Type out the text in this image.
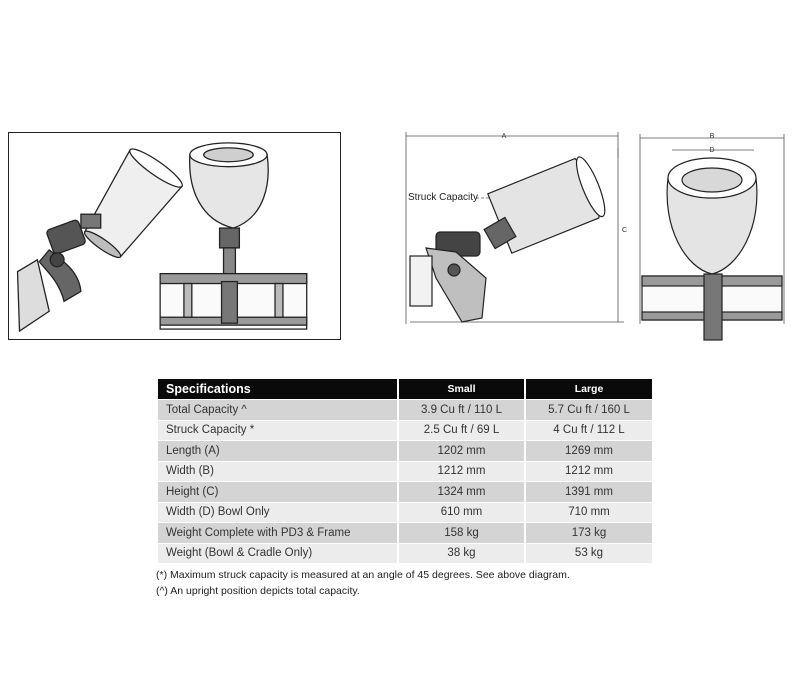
A
C
Struck Capacity
B
D
Specifications	Small	Large
Total Capacity ^	3.9 Cu ft / 110 L	5.7 Cu ft / 160 L
Struck Capacity *	2.5 Cu ft / 69 L	4 Cu ft / 112 L
Length (A)	1202 mm	1269 mm
Width (B)	1212 mm	1212 mm
Height (C)	1324 mm	1391 mm
Width (D) Bowl Only	610 mm	710 mm
Weight Complete with PD3 & Frame	158 kg	173 kg
Weight (Bowl & Cradle Only)	38 kg	53 kg
(*) Maximum struck capacity is measured at an angle of 45 degrees. See above diagram.
(^) An upright position depicts total capacity.
